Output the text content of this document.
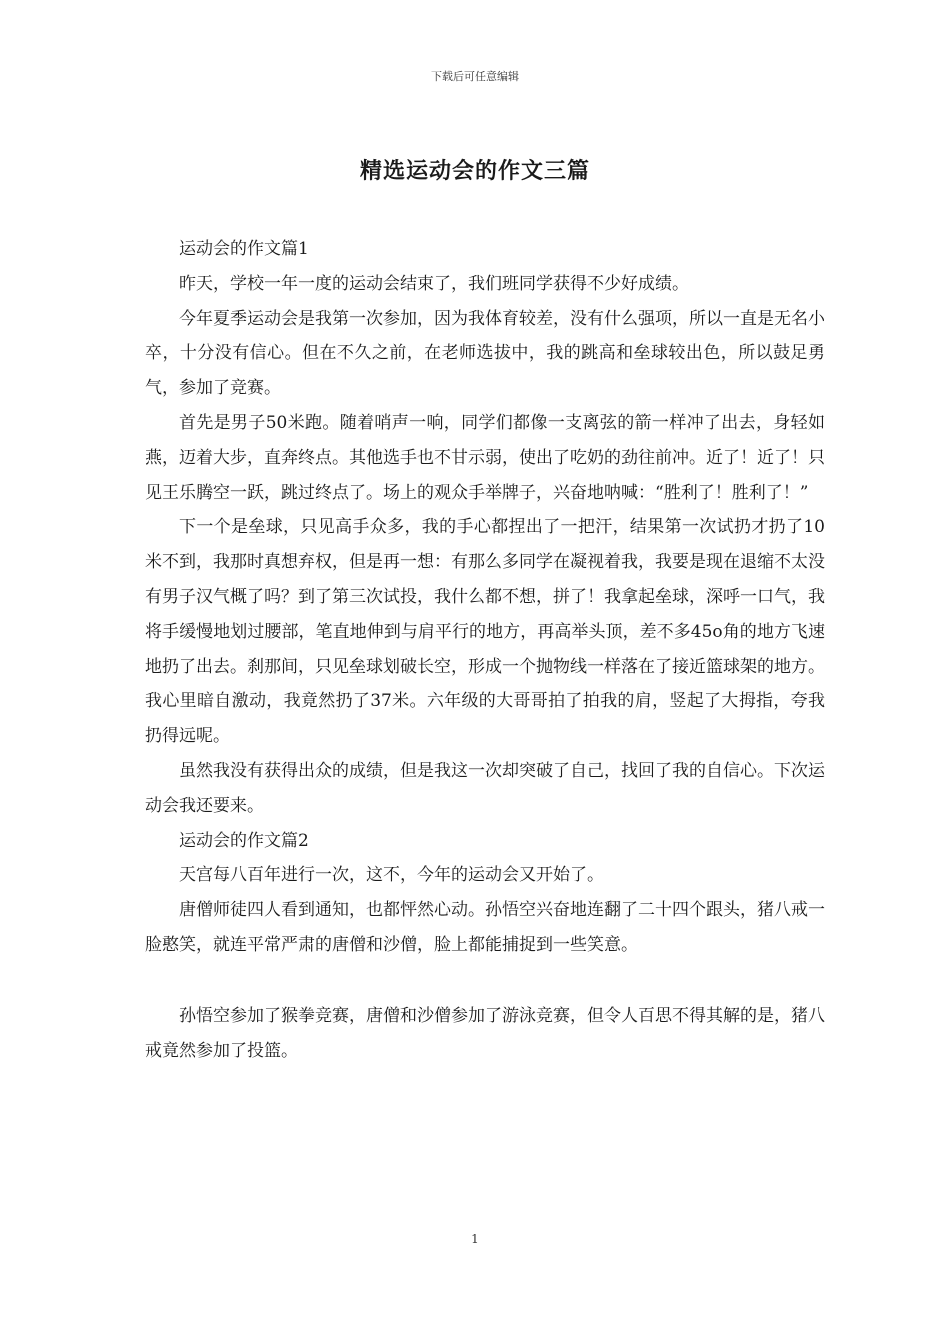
下载后可任意编辑
精选运动会的作文三篇

运动会的作文篇1

昨天，学校一年一度的运动会结束了，我们班同学获得不少好成绩。

今年夏季运动会是我第一次参加，因为我体育较差，没有什么强项，所以一直是无名小卒，十分没有信心。但在不久之前，在老师选拔中，我的跳高和垒球较出色，所以鼓足勇气，参加了竞赛。

首先是男子50米跑。随着哨声一响，同学们都像一支离弦的箭一样冲了出去，身轻如燕，迈着大步，直奔终点。其他选手也不甘示弱，使出了吃奶的劲往前冲。近了！近了！只见王乐腾空一跃，跳过终点了。场上的观众手举牌子，兴奋地呐喊：“胜利了！胜利了！”

下一个是垒球，只见高手众多，我的手心都捏出了一把汗，结果第一次试扔才扔了10米不到，我那时真想弃权，但是再一想：有那么多同学在凝视着我，我要是现在退缩不太没有男子汉气概了吗？到了第三次试投，我什么都不想，拼了！我拿起垒球，深呼一口气，我将手缓慢地划过腰部，笔直地伸到与肩平行的地方，再高举头顶，差不多45o角的地方飞速地扔了出去。刹那间，只见垒球划破长空，形成一个抛物线一样落在了接近篮球架的地方。我心里暗自激动，我竟然扔了37米。六年级的大哥哥拍了拍我的肩，竖起了大拇指，夸我扔得远呢。

虽然我没有获得出众的成绩，但是我这一次却突破了自己，找回了我的自信心。下次运动会我还要来。

运动会的作文篇2

天宫每八百年进行一次，这不，今年的运动会又开始了。

唐僧师徒四人看到通知，也都怦然心动。孙悟空兴奋地连翻了二十四个跟头，猪八戒一脸憨笑，就连平常严肃的唐僧和沙僧，脸上都能捕捉到一些笑意。

孙悟空参加了猴拳竞赛，唐僧和沙僧参加了游泳竞赛，但令人百思不得其解的是，猪八戒竟然参加了投篮。

1
